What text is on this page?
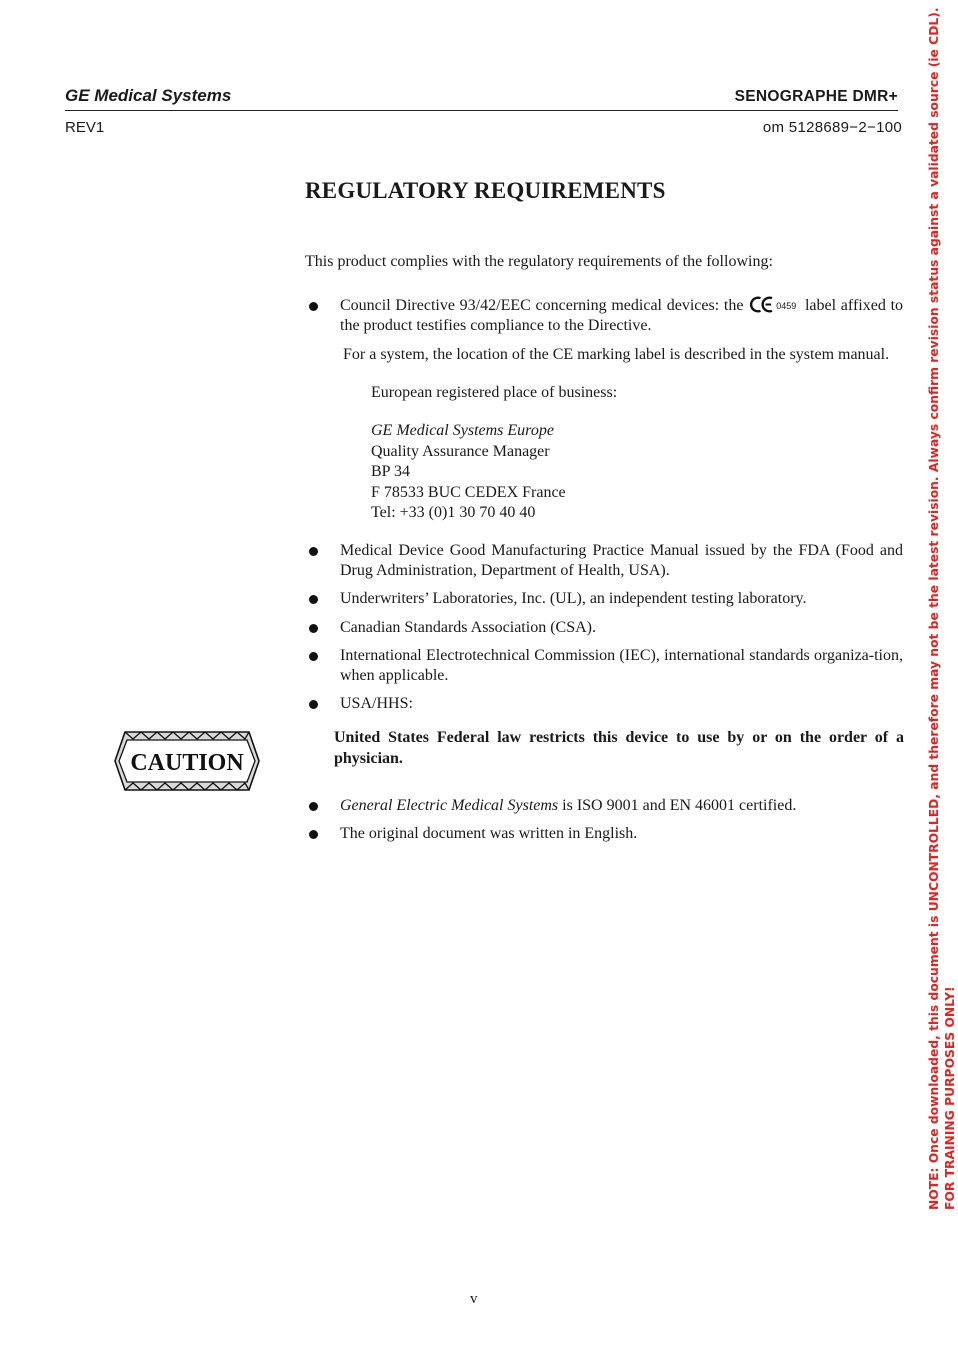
GE Medical Systems	SENOGRAPHE DMR+
REV1	om 5128689−2−100
REGULATORY REQUIREMENTS
This product complies with the regulatory requirements of the following:
Council Directive 93/42/EEC concerning medical devices: the	0459 label affixed to the product testifies compliance to the Directive.
For a system, the location of the CE marking label is described in the system manual.
European registered place of business:
GE Medical Systems Europe
Quality Assurance Manager
BP 34
F 78533 BUC CEDEX France
Tel: +33 (0)1 30 70 40 40
Medical Device Good Manufacturing Practice Manual issued by the FDA (Food and Drug Administration, Department of Health, USA).
Underwriters’ Laboratories, Inc. (UL), an independent testing laboratory.
Canadian Standards Association (CSA).
International Electrotechnical Commission (IEC), international standards organiza-tion, when applicable.
USA/HHS:
CAUTION
United States Federal law restricts this device to use by or on the order of a physician.
General Electric Medical Systems is ISO 9001 and EN 46001 certified.
The original document was written in English.
v
NOTE: Once downloaded, this document is UNCONTROLLED, and therefore may not be the latest revision. Always confirm revision status against a validated source (ie CDL). FOR TRAINING PURPOSES ONLY!
